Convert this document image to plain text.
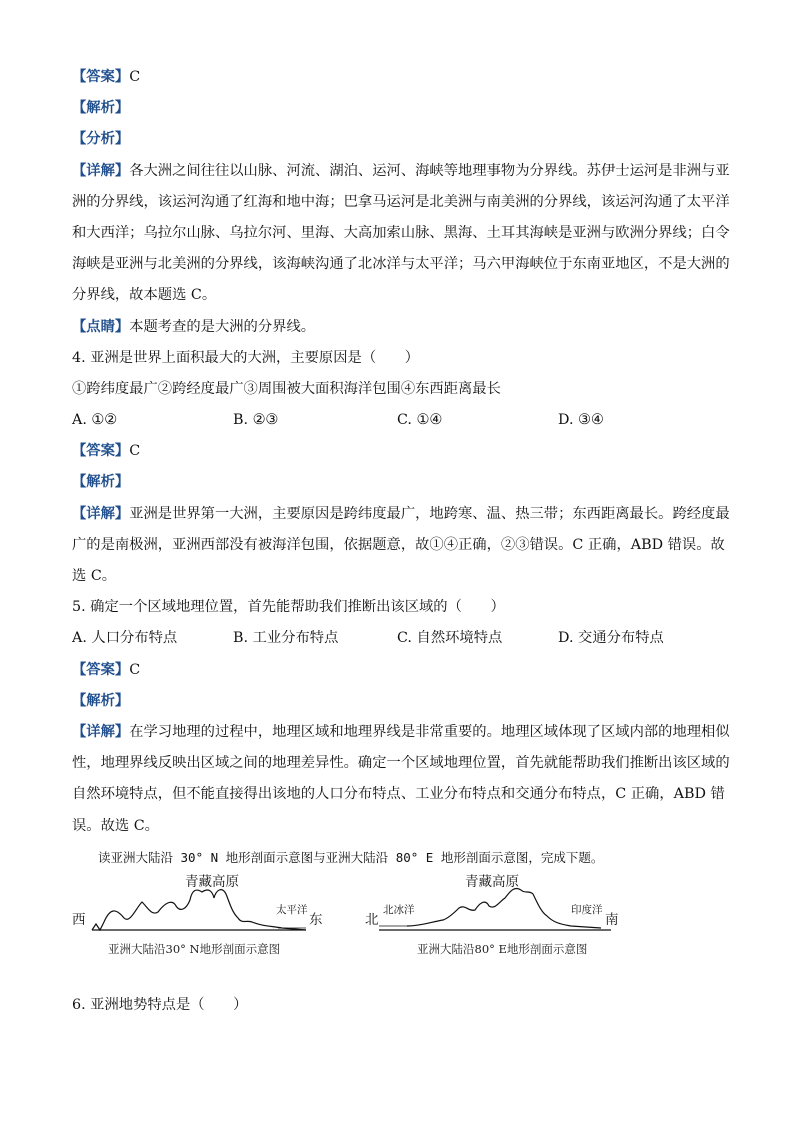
【答案】C
【解析】
【分析】
【详解】各大洲之间往往以山脉、河流、湖泊、运河、海峡等地理事物为分界线。苏伊士运河是非洲与亚
洲的分界线，该运河沟通了红海和地中海；巴拿马运河是北美洲与南美洲的分界线，该运河沟通了太平洋
和大西洋；乌拉尔山脉、乌拉尔河、里海、大高加索山脉、黑海、土耳其海峡是亚洲与欧洲分界线；白令
海峡是亚洲与北美洲的分界线，该海峡沟通了北冰洋与太平洋；马六甲海峡位于东南亚地区，不是大洲的
分界线，故本题选 C。
【点睛】本题考查的是大洲的分界线。
4. 亚洲是世界上面积最大的大洲，主要原因是（　　）
①跨纬度最广②跨经度最广③周围被大面积海洋包围④东西距离最长
A. ①②	B. ②③	C. ①④	D. ③④
【答案】C
【解析】
【详解】亚洲是世界第一大洲，主要原因是跨纬度最广，地跨寒、温、热三带；东西距离最长。跨经度最
广的是南极洲，亚洲西部没有被海洋包围，依据题意，故①④正确，②③错误。C 正确，ABD 错误。故
选 C。
5. 确定一个区域地理位置，首先能帮助我们推断出该区域的（　　）
A. 人口分布特点	B. 工业分布特点	C. 自然环境特点	D. 交通分布特点
【答案】C
【解析】
【详解】在学习地理的过程中，地理区域和地理界线是非常重要的。地理区域体现了区域内部的地理相似
性，地理界线反映出区域之间的地理差异性。确定一个区域地理位置，首先就能帮助我们推断出该区域的
自然环境特点，但不能直接得出该地的人口分布特点、工业分布特点和交通分布特点，C 正确，ABD 错
误。故选 C。
读亚洲大陆沿 30° N 地形剖面示意图与亚洲大陆沿 80° E 地形剖面示意图，完成下题。
青藏高原
西	东
太平洋
亚洲大陆沿30° N地形剖面示意图
青藏高原
北	南
北冰洋	印度洋
亚洲大陆沿80° E地形剖面示意图
6. 亚洲地势特点是（　　）
